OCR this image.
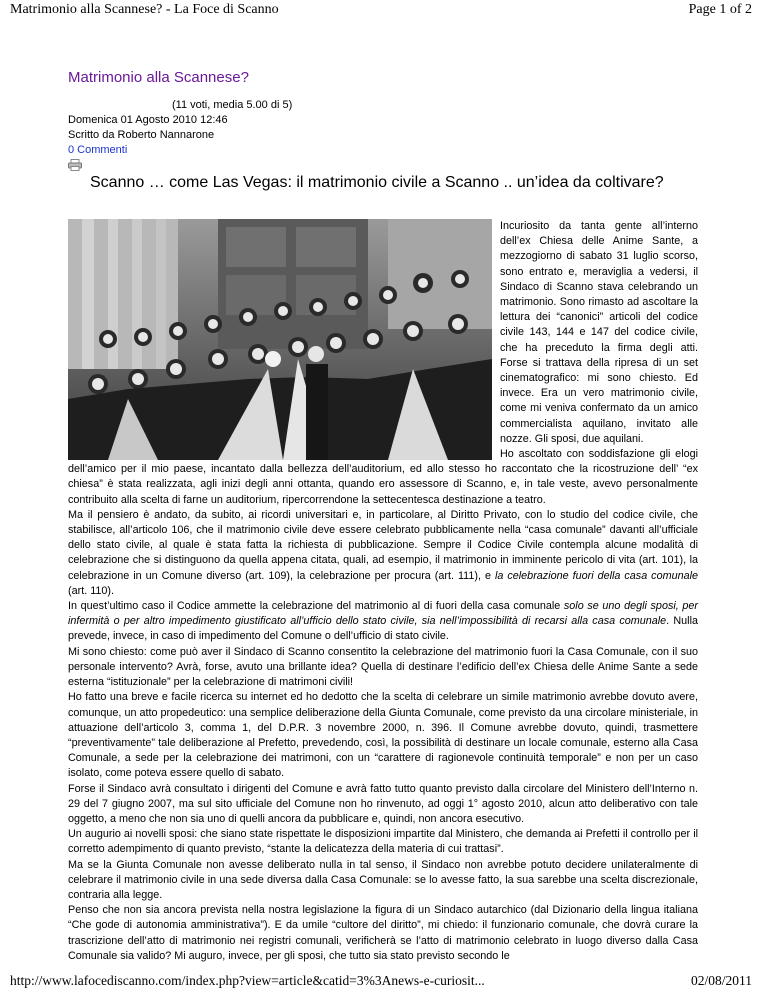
Matrimonio alla Scannese? - La Foce di Scanno	Page 1 of 2
Matrimonio alla Scannese?
(11 voti, media 5.00 di 5)
Domenica 01 Agosto 2010 12:46
Scritto da Roberto Nannarone
0 Commenti
Scanno … come Las Vegas: il matrimonio civile a Scanno .. un’idea da coltivare?

Incuriosito da tanta gente all’interno dell’ex Chiesa delle Anime Sante, a mezzogiorno di sabato 31 luglio scorso, sono entrato e, meraviglia a vedersi, il Sindaco di Scanno stava celebrando un matrimonio. Sono rimasto ad ascoltare la lettura dei “canonici” articoli del codice civile 143, 144 e 147 del codice civile, che ha preceduto la firma degli atti. Forse si trattava della ripresa di un set cinematografico: mi sono chiesto. Ed invece. Era un vero matrimonio civile, come mi veniva confermato da un amico commercialista aquilano, invitato alle nozze. Gli sposi, due aquilani.

Ho ascoltato con soddisfazione gli elogi dell’amico per il mio paese, incantato dalla bellezza dell’auditorium, ed allo stesso ho raccontato che la ricostruzione dell’ “ex chiesa” è stata realizzata, agli inizi degli anni ottanta, quando ero assessore di Scanno, e, in tale veste, avevo personalmente contribuito alla scelta di farne un auditorium, ripercorrendone la settecentesca destinazione a teatro.

Ma il pensiero è andato, da subito, ai ricordi universitari e, in particolare, al Diritto Privato, con lo studio del codice civile, che stabilisce, all’articolo 106, che il matrimonio civile deve essere celebrato pubblicamente nella “casa comunale” davanti all’ufficiale dello stato civile, al quale è stata fatta la richiesta di pubblicazione. Sempre il Codice Civile contempla alcune modalità di celebrazione che si distinguono da quella appena citata, quali, ad esempio, il matrimonio in imminente pericolo di vita (art. 101), la celebrazione in un Comune diverso (art. 109), la celebrazione per procura (art. 111), e la celebrazione fuori della casa comunale (art. 110).

In quest’ultimo caso il Codice ammette la celebrazione del matrimonio al di fuori della casa comunale solo se uno degli sposi, per infermità o per altro impedimento giustificato all’ufficio dello stato civile, sia nell’impossibilità di recarsi alla casa comunale. Nulla prevede, invece, in caso di impedimento del Comune o dell’ufficio di stato civile.

Mi sono chiesto: come può aver il Sindaco di Scanno consentito la celebrazione del matrimonio fuori la Casa Comunale, con il suo personale intervento? Avrà, forse, avuto una brillante idea? Quella di destinare l’edificio dell’ex Chiesa delle Anime Sante a sede esterna “istituzionale” per la celebrazione di matrimoni civili!

Ho fatto una breve e facile ricerca su internet ed ho dedotto che la scelta di celebrare un simile matrimonio avrebbe dovuto avere, comunque, un atto propedeutico: una semplice deliberazione della Giunta Comunale, come previsto da una circolare ministeriale, in attuazione dell’articolo 3, comma 1, del D.P.R. 3 novembre 2000, n. 396. Il Comune avrebbe dovuto, quindi, trasmettere “preventivamente” tale deliberazione al Prefetto, prevedendo, così, la possibilità di destinare un locale comunale, esterno alla Casa Comunale, a sede per la celebrazione dei matrimoni, con un “carattere di ragionevole continuità temporale” e non per un caso isolato, come poteva essere quello di sabato.

Forse il Sindaco avrà consultato i dirigenti del Comune e avrà fatto tutto quanto previsto dalla circolare del Ministero dell’Interno n. 29 del 7 giugno 2007, ma sul sito ufficiale del Comune non ho rinvenuto, ad oggi 1° agosto 2010, alcun atto deliberativo con tale oggetto, a meno che non sia uno di quelli ancora da pubblicare e, quindi, non ancora esecutivo.

Un augurio ai novelli sposi: che siano state rispettate le disposizioni impartite dal Ministero, che demanda ai Prefetti il controllo per il corretto adempimento di quanto previsto, “stante la delicatezza della materia di cui trattasi”.

Ma se la Giunta Comunale non avesse deliberato nulla in tal senso, il Sindaco non avrebbe potuto decidere unilateralmente di celebrare il matrimonio civile in una sede diversa dalla Casa Comunale: se lo avesse fatto, la sua sarebbe una scelta discrezionale, contraria alla legge.

Penso che non sia ancora prevista nella nostra legislazione la figura di un Sindaco autarchico (dal Dizionario della lingua italiana “Che gode di autonomia amministrativa”). E da umile “cultore del diritto”, mi chiedo: il funzionario comunale, che dovrà curare la trascrizione dell’atto di matrimonio nei registri comunali, verificherà se l’atto di matrimonio celebrato in luogo diverso dalla Casa Comunale sia valido? Mi auguro, invece, per gli sposi, che tutto sia stato previsto secondo le

http://www.lafocediscanno.com/index.php?view=article&catid=3%3Anews-e-curiosit...	02/08/2011
